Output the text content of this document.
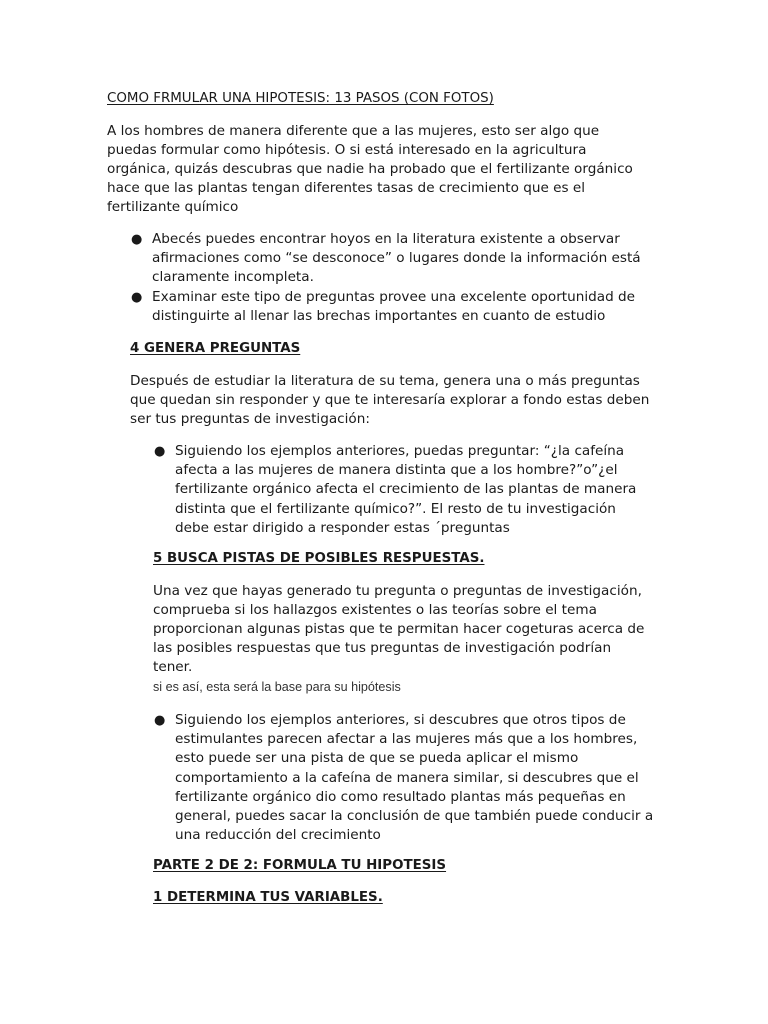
COMO FRMULAR UNA HIPOTESIS: 13 PASOS (CON FOTOS)
A los hombres de manera diferente que a las mujeres, esto ser algo que
puedas formular como hipótesis. O si está interesado en la agricultura
orgánica, quizás descubras que nadie ha probado que el fertilizante orgánico
hace que las plantas tengan diferentes tasas de crecimiento que es el
fertilizante químico
● Abecés puedes encontrar hoyos en la literatura existente a observar
afirmaciones como “se desconoce” o lugares donde la información está
claramente incompleta.
● Examinar este tipo de preguntas provee una excelente oportunidad de
distinguirte al llenar las brechas importantes en cuanto de estudio
4 GENERA PREGUNTAS
Después de estudiar la literatura de su tema, genera una o más preguntas
que quedan sin responder y que te interesaría explorar a fondo estas deben
ser tus preguntas de investigación:
● Siguiendo los ejemplos anteriores, puedas preguntar: “¿la cafeína
afecta a las mujeres de manera distinta que a los hombre?”o”¿el
fertilizante orgánico afecta el crecimiento de las plantas de manera
distinta que el fertilizante químico?”. El resto de tu investigación
debe estar dirigido a responder estas ´preguntas
5 BUSCA PISTAS DE POSIBLES RESPUESTAS.
Una vez que hayas generado tu pregunta o preguntas de investigación,
comprueba si los hallazgos existentes o las teorías sobre el tema
proporcionan algunas pistas que te permitan hacer cogeturas acerca de
las posibles respuestas que tus preguntas de investigación podrían
tener.
si es así, esta será la base para su hipótesis
● Siguiendo los ejemplos anteriores, si descubres que otros tipos de
estimulantes parecen afectar a las mujeres más que a los hombres,
esto puede ser una pista de que se pueda aplicar el mismo
comportamiento a la cafeína de manera similar, si descubres que el
fertilizante orgánico dio como resultado plantas más pequeñas en
general, puedes sacar la conclusión de que también puede conducir a
una reducción del crecimiento
PARTE 2 DE 2: FORMULA TU HIPOTESIS
1 DETERMINA TUS VARIABLES.
